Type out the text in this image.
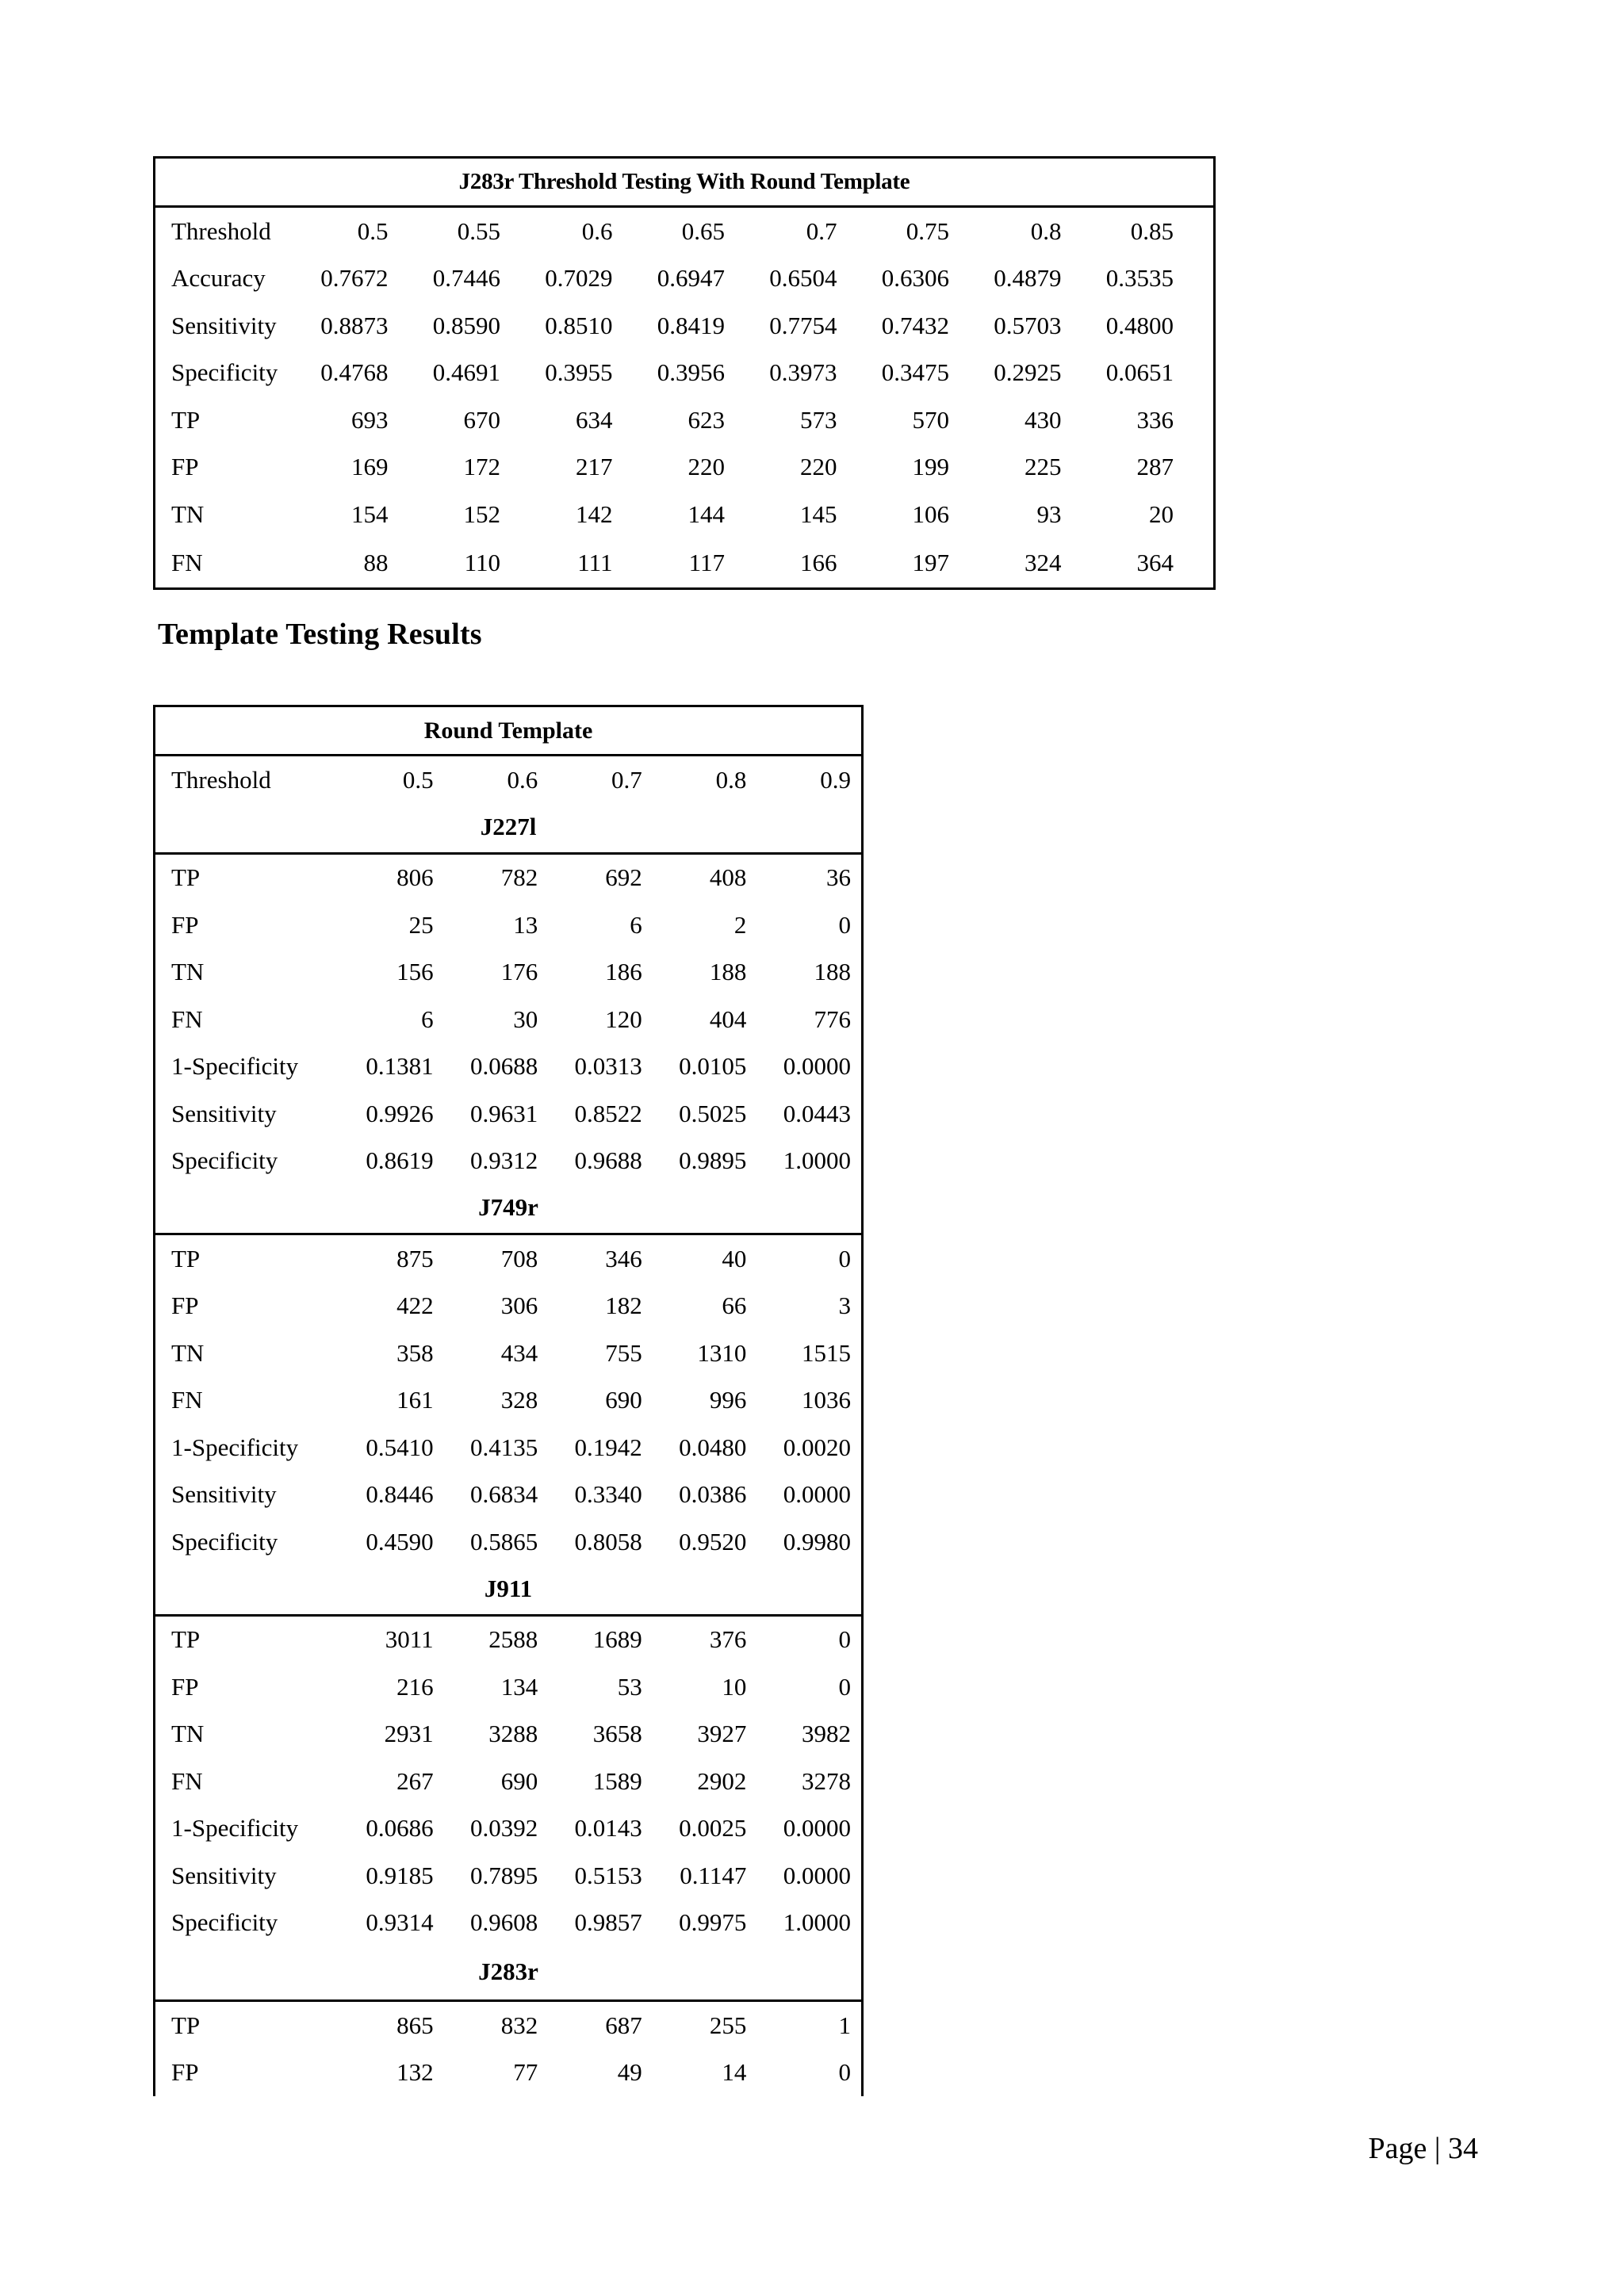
J283r Threshold Testing With Round Template
Threshold	0.5	0.55	0.6	0.65	0.7	0.75	0.8	0.85
Accuracy	0.7672	0.7446	0.7029	0.6947	0.6504	0.6306	0.4879	0.3535
Sensitivity	0.8873	0.8590	0.8510	0.8419	0.7754	0.7432	0.5703	0.4800
Specificity	0.4768	0.4691	0.3955	0.3956	0.3973	0.3475	0.2925	0.0651
TP	693	670	634	623	573	570	430	336
FP	169	172	217	220	220	199	225	287
TN	154	152	142	144	145	106	93	20
FN	88	110	111	117	166	197	324	364
Template Testing Results
Round Template
Threshold	0.5	0.6	0.7	0.8	0.9
J227l
TP	806	782	692	408	36
FP	25	13	6	2	0
TN	156	176	186	188	188
FN	6	30	120	404	776
1-Specificity	0.1381	0.0688	0.0313	0.0105	0.0000
Sensitivity	0.9926	0.9631	0.8522	0.5025	0.0443
Specificity	0.8619	0.9312	0.9688	0.9895	1.0000
J749r
TP	875	708	346	40	0
FP	422	306	182	66	3
TN	358	434	755	1310	1515
FN	161	328	690	996	1036
1-Specificity	0.5410	0.4135	0.1942	0.0480	0.0020
Sensitivity	0.8446	0.6834	0.3340	0.0386	0.0000
Specificity	0.4590	0.5865	0.8058	0.9520	0.9980
J911
TP	3011	2588	1689	376	0
FP	216	134	53	10	0
TN	2931	3288	3658	3927	3982
FN	267	690	1589	2902	3278
1-Specificity	0.0686	0.0392	0.0143	0.0025	0.0000
Sensitivity	0.9185	0.7895	0.5153	0.1147	0.0000
Specificity	0.9314	0.9608	0.9857	0.9975	1.0000
J283r
TP	865	832	687	255	1
FP	132	77	49	14	0
Page | 34
